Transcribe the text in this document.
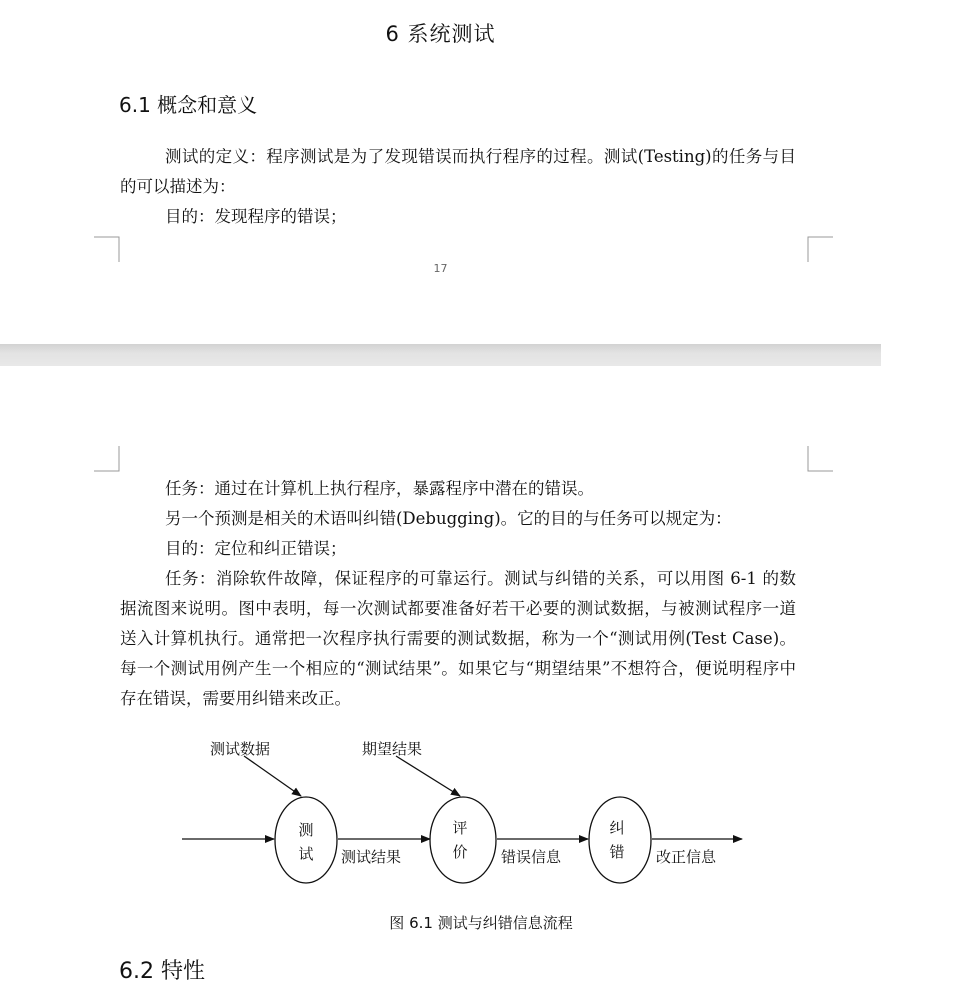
6 系统测试
6.1 概念和意义

测试的定义：程序测试是为了发现错误而执行程序的过程。测试(Testing)的任务与目的可以描述为：

目的：发现程序的错误；

17

任务：通过在计算机上执行程序，暴露程序中潜在的错误。

另一个预测是相关的术语叫纠错(Debugging)。它的目的与任务可以规定为：

目的：定位和纠正错误；

任务：消除软件故障，保证程序的可靠运行。测试与纠错的关系，可以用图 6-1 的数据流图来说明。图中表明，每一次测试都要准备好若干必要的测试数据，与被测试程序一道送入计算机执行。通常把一次程序执行需要的测试数据，称为一个“测试用例(Test Case)。每一个测试用例产生一个相应的“测试结果”。如果它与“期望结果”不想符合，便说明程序中存在错误，需要用纠错来改正。

测试数据	期望结果
测
试 测试结果
评
价 错误信息
纠
错 改正信息
图 6.1 测试与纠错信息流程
6.2 特性
